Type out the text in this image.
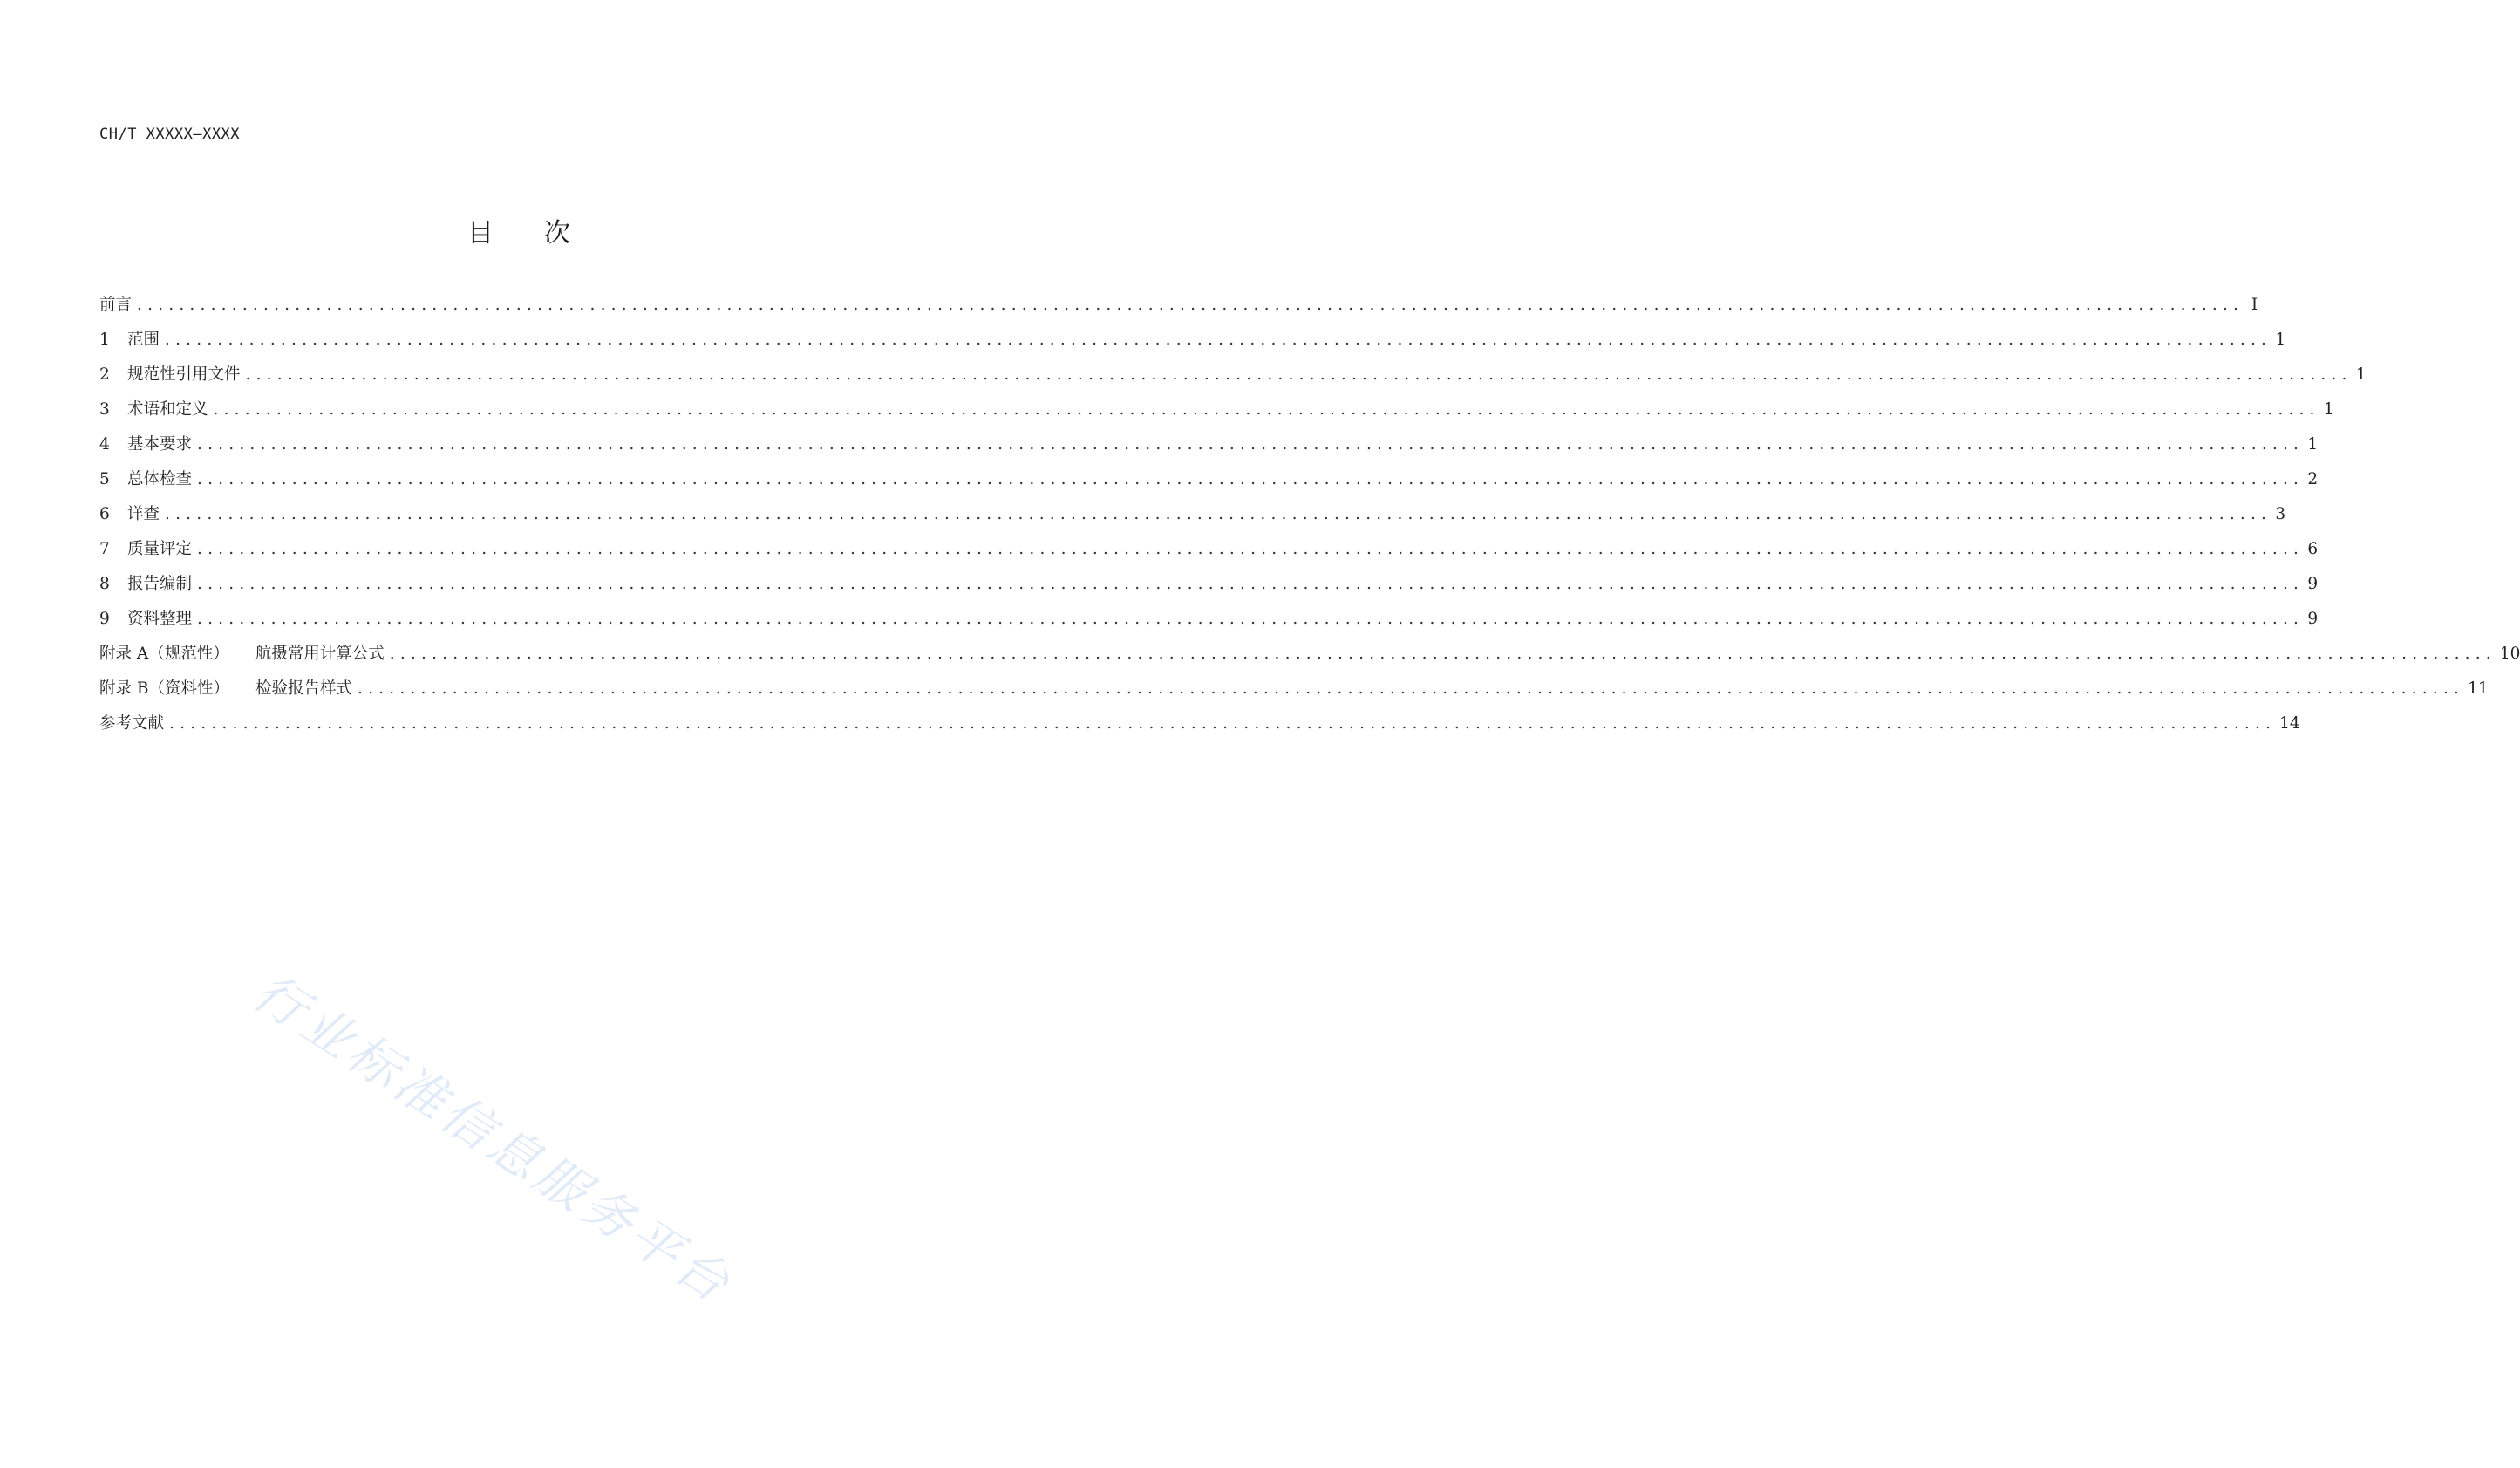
CH/T XXXXX—XXXX
目次
前言 ........................................................................................................................................................................................................ I
1	范围 ........................................................................................................................................................................................................ 1
2	规范性引用文件 ........................................................................................................................................................................................................ 1
3	术语和定义 ........................................................................................................................................................................................................ 1
4	基本要求 ........................................................................................................................................................................................................ 1
5	总体检查 ........................................................................................................................................................................................................ 2
6	详查 ........................................................................................................................................................................................................ 3
7	质量评定 ........................................................................................................................................................................................................ 6
8	报告编制 ........................................................................................................................................................................................................ 9
9	资料整理 ........................................................................................................................................................................................................ 9
附录 A（规范性） 航摄常用计算公式 ........................................................................................................................................................................................................ 10
附录 B（资料性） 检验报告样式 ........................................................................................................................................................................................................ 11
参考文献 ........................................................................................................................................................................................................ 14
行业标准信息服务平台
